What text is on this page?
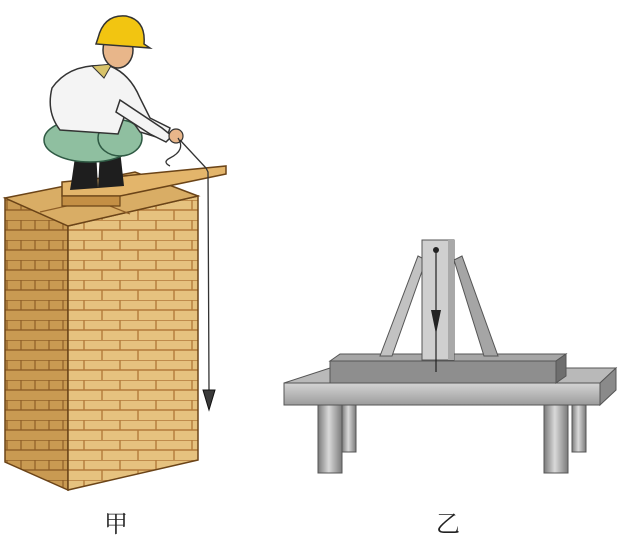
甲	乙
